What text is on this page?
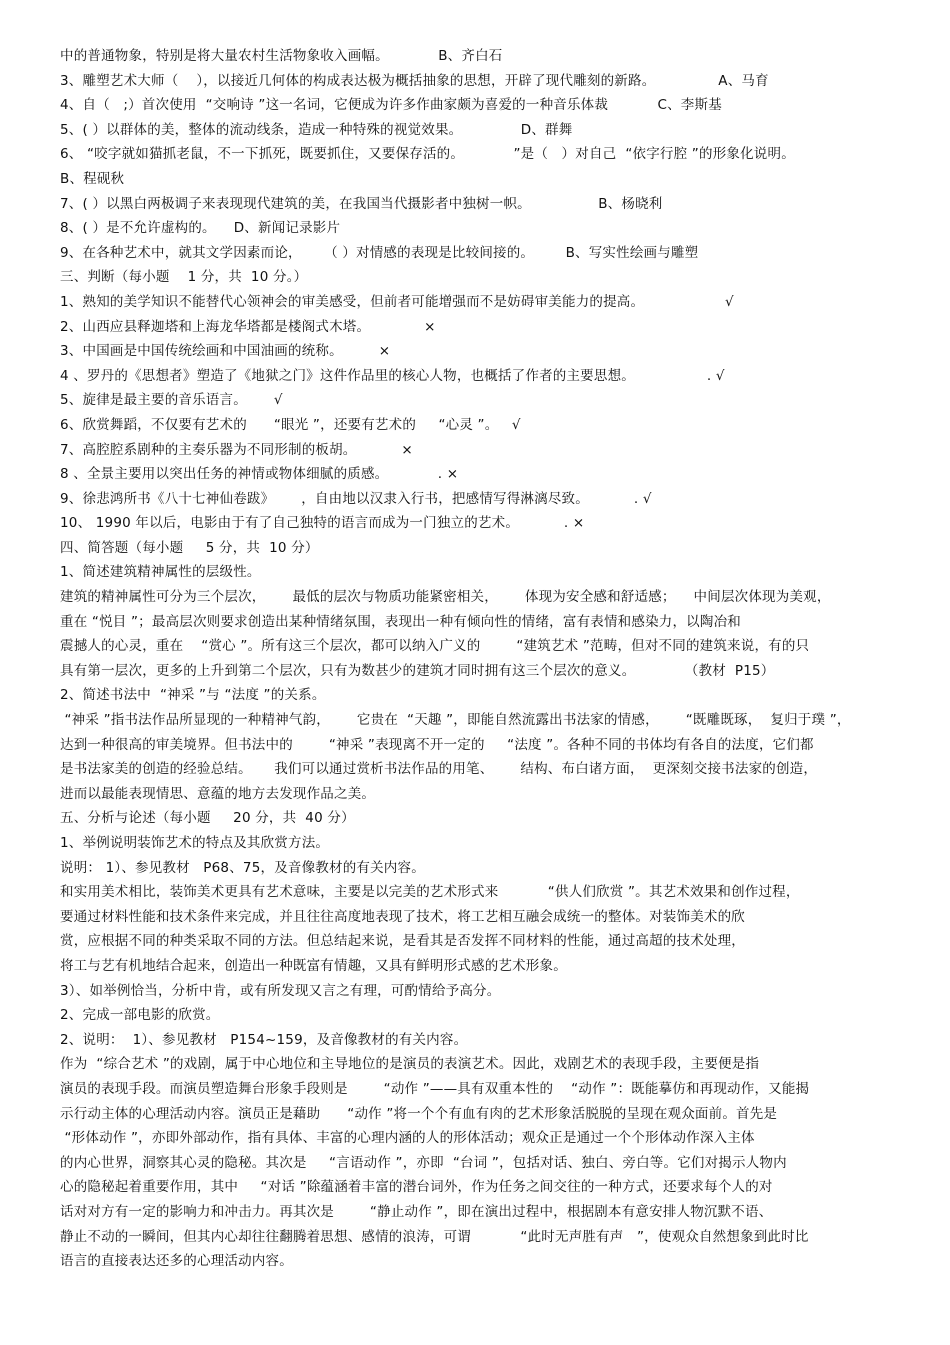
中的普通物象，特别是将大量农村生活物象收入画幅。           B、齐白石
3、雕塑艺术大师（    ），以接近几何体的构成表达极为概括抽象的思想，开辟了现代雕刻的新路。              A、马育
4、自（   ;）首次使用  “交响诗 ”这一名词，它便成为许多作曲家颇为喜爱的一种音乐体裁           C、李斯基
5、( ）以群体的美，整体的流动线条，造成一种特殊的视觉效果。             D、群舞
6、 “咬字就如猫抓老鼠，不一下抓死，既要抓住，又要保存活的。           ”是（   ）对自己  “依字行腔 ”的形象化说明。
B、程砚秋
7、( ）以黑白两极调子来表现现代建筑的美，在我国当代摄影者中独树一帜。               B、杨晓利
8、( ）是不允许虚构的。    D、新闻记录影片
9、在各种艺术中，就其文学因素而论，     （ ）对情感的表现是比较间接的。       B、写实性绘画与雕塑
三、判断（每小题    1 分，共  10 分。）
1、熟知的美学知识不能替代心领神会的审美感受，但前者可能增强而不是妨碍审美能力的提高。                  √
2、山西应县释迦塔和上海龙华塔都是楼阁式木塔。            ×
3、中国画是中国传统绘画和中国油画的统称。        ×
4 、罗丹的《思想者》塑造了《地狱之门》这件作品里的核心人物，也概括了作者的主要思想。                . √
5、旋律是最主要的音乐语言。      √
6、欣赏舞蹈，不仅要有艺术的      “眼光 ”，还要有艺术的     “心灵 ”。   √
7、高腔腔系剧种的主奏乐器为不同形制的板胡。          ×
8 、全景主要用以突出任务的神情或物体细腻的质感。           . ×
9、徐悲鸿所书《八十七神仙卷跋》      ，自由地以汉隶入行书，把感情写得淋漓尽致。          . √
10、 1990 年以后，电影由于有了自己独特的语言而成为一门独立的艺术。          . ×
四、简答题（每小题     5 分，共  10 分）
1、简述建筑精神属性的层级性。
建筑的精神属性可分为三个层次，      最低的层次与物质功能紧密相关，      体现为安全感和舒适感；    中间层次体现为美观，
重在 “悦目 ”；最高层次则要求创造出某种情绪氛围，表现出一种有倾向性的情绪，富有表情和感染力，以陶冶和
震撼人的心灵，重在    “赏心 ”。所有这三个层次，都可以纳入广义的        “建筑艺术 ”范畴，但对不同的建筑来说，有的只
具有第一层次，更多的上升到第二个层次，只有为数甚少的建筑才同时拥有这三个层次的意义。           （教材  P15）
2、简述书法中  “神采 ”与 “法度 ”的关系。
“神采 ”指书法作品所显现的一种精神气韵，      它贵在  “天趣 ”，即能自然流露出书法家的情感，      “既雕既琢，  复归于璞 ”，
达到一种很高的审美境界。但书法中的        “神采 ”表现离不开一定的     “法度 ”。各种不同的书体均有各自的法度，它们都
是书法家美的创造的经验总结。     我们可以通过赏析书法作品的用笔、      结构、布白诸方面，  更深刻交接书法家的创造，
进而以最能表现情思、意蕴的地方去发现作品之美。
五、分析与论述（每小题     20 分，共  40 分）
1、举例说明装饰艺术的特点及其欣赏方法。
说明： 1）、参见教材   P68、75，及音像教材的有关内容。
和实用美术相比，装饰美术更具有艺术意味，主要是以完美的艺术形式来           “供人们欣赏 ”。其艺术效果和创作过程，
要通过材料性能和技术条件来完成，并且往往高度地表现了技术，将工艺相互融会成统一的整体。对装饰美术的欣
赏，应根据不同的种类采取不同的方法。但总结起来说，是看其是否发挥不同材料的性能，通过高超的技术处理，
将工与艺有机地结合起来，创造出一种既富有情趣，又具有鲜明形式感的艺术形象。
3）、如举例恰当，分析中肯，或有所发现又言之有理，可酌情给予高分。
2、完成一部电影的欣赏。
2、说明：  1）、参见教材   P154~159，及音像教材的有关内容。
作为  “综合艺术 ”的戏剧，属于中心地位和主导地位的是演员的表演艺术。因此，戏剧艺术的表现手段，主要便是指
演员的表现手段。而演员塑造舞台形象手段则是        “动作 ”——具有双重本性的    “动作 ”：既能摹仿和再现动作，又能揭
示行动主体的心理活动内容。演员正是藉助      “动作 ”将一个个有血有肉的艺术形象活脱脱的呈现在观众面前。首先是
“形体动作 ”，亦即外部动作，指有具体、丰富的心理内涵的人的形体活动；观众正是通过一个个形体动作深入主体
的内心世界，洞察其心灵的隐秘。其次是     “言语动作 ”，亦即  “台词 ”，包括对话、独白、旁白等。它们对揭示人物内
心的隐秘起着重要作用，其中     “对话 ”除蕴涵着丰富的潜台词外，作为任务之间交往的一种方式，还要求每个人的对
话对对方有一定的影响力和冲击力。再其次是        “静止动作 ”，即在演出过程中，根据剧本有意安排人物沉默不语、
静止不动的一瞬间，但其内心却往往翻腾着思想、感情的浪涛，可谓           “此时无声胜有声   ”，使观众自然想象到此时比
语言的直接表达还多的心理活动内容。
